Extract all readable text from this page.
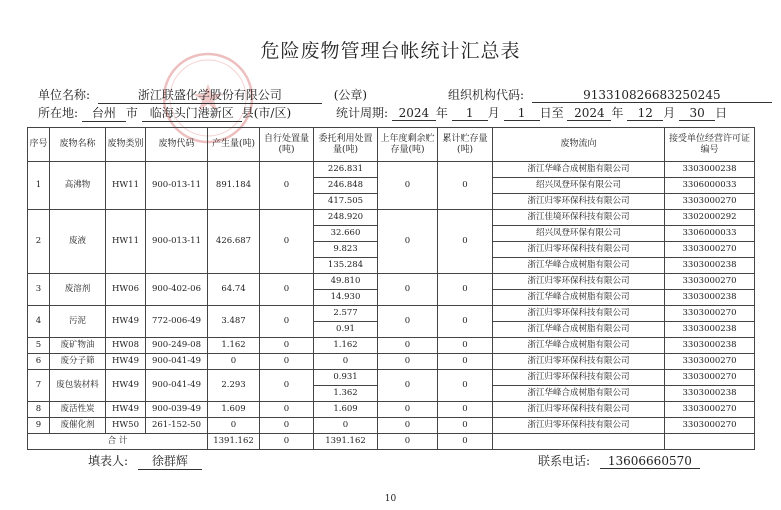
危险废物管理台帐统计汇总表
单位名称:	浙江联盛化学股份有限公司	(公章)	组织机构代码:	913310826683250245
所在地: 台州 市 临海头门港新区 县(市/区)	统计周期: 2024 年 1 月 1 日至 2024 年 12 月 30 日
序号	废物名称	废物类别	废物代码	产生量(吨)	自行处置量(吨)	委托利用处置量(吨)	上年度剩余贮存量(吨)	累计贮存量(吨)	废物流向	接受单位经营许可证编号
1	高沸物	HW11	900-013-11	891.184	0	226.831	0	0	浙江华峰合成树脂有限公司	3303000238
						246.848			绍兴凤登环保有限公司	3306000033
						417.505			浙江归零环保科技有限公司	3303000270
2	废液	HW11	900-013-11	426.687	0	248.920	0	0	浙江佳境环保科技有限公司	3302000292
						32.660			绍兴凤登环保有限公司	3306000033
						9.823			浙江归零环保科技有限公司	3303000270
						135.284			浙江华峰合成树脂有限公司	3303000238
3	废溶剂	HW06	900-402-06	64.74	0	49.810	0	0	浙江归零环保科技有限公司	3303000270
						14.930			浙江华峰合成树脂有限公司	3303000238
4	污泥	HW49	772-006-49	3.487	0	2.577	0	0	浙江归零环保科技有限公司	3303000270
						0.91			浙江华峰合成树脂有限公司	3303000238
5	废矿物油	HW08	900-249-08	1.162	0	1.162	0	0	浙江华峰合成树脂有限公司	3303000238
6	废分子筛	HW49	900-041-49	0	0	0	0	0	浙江归零环保科技有限公司	3303000270
7	废包装材料	HW49	900-041-49	2.293	0	0.931	0	0	浙江归零环保科技有限公司	3303000270
						1.362			浙江华峰合成树脂有限公司	3303000238
8	废活性炭	HW49	900-039-49	1.609	0	1.609	0	0	浙江归零环保科技有限公司	3303000270
9	废催化剂	HW50	261-152-50	0	0	0	0	0	浙江归零环保科技有限公司	3303000270
合 计				1391.162	0	1391.162	0	0		
填表人: 徐群辉	联系电话: 13606660570
10
